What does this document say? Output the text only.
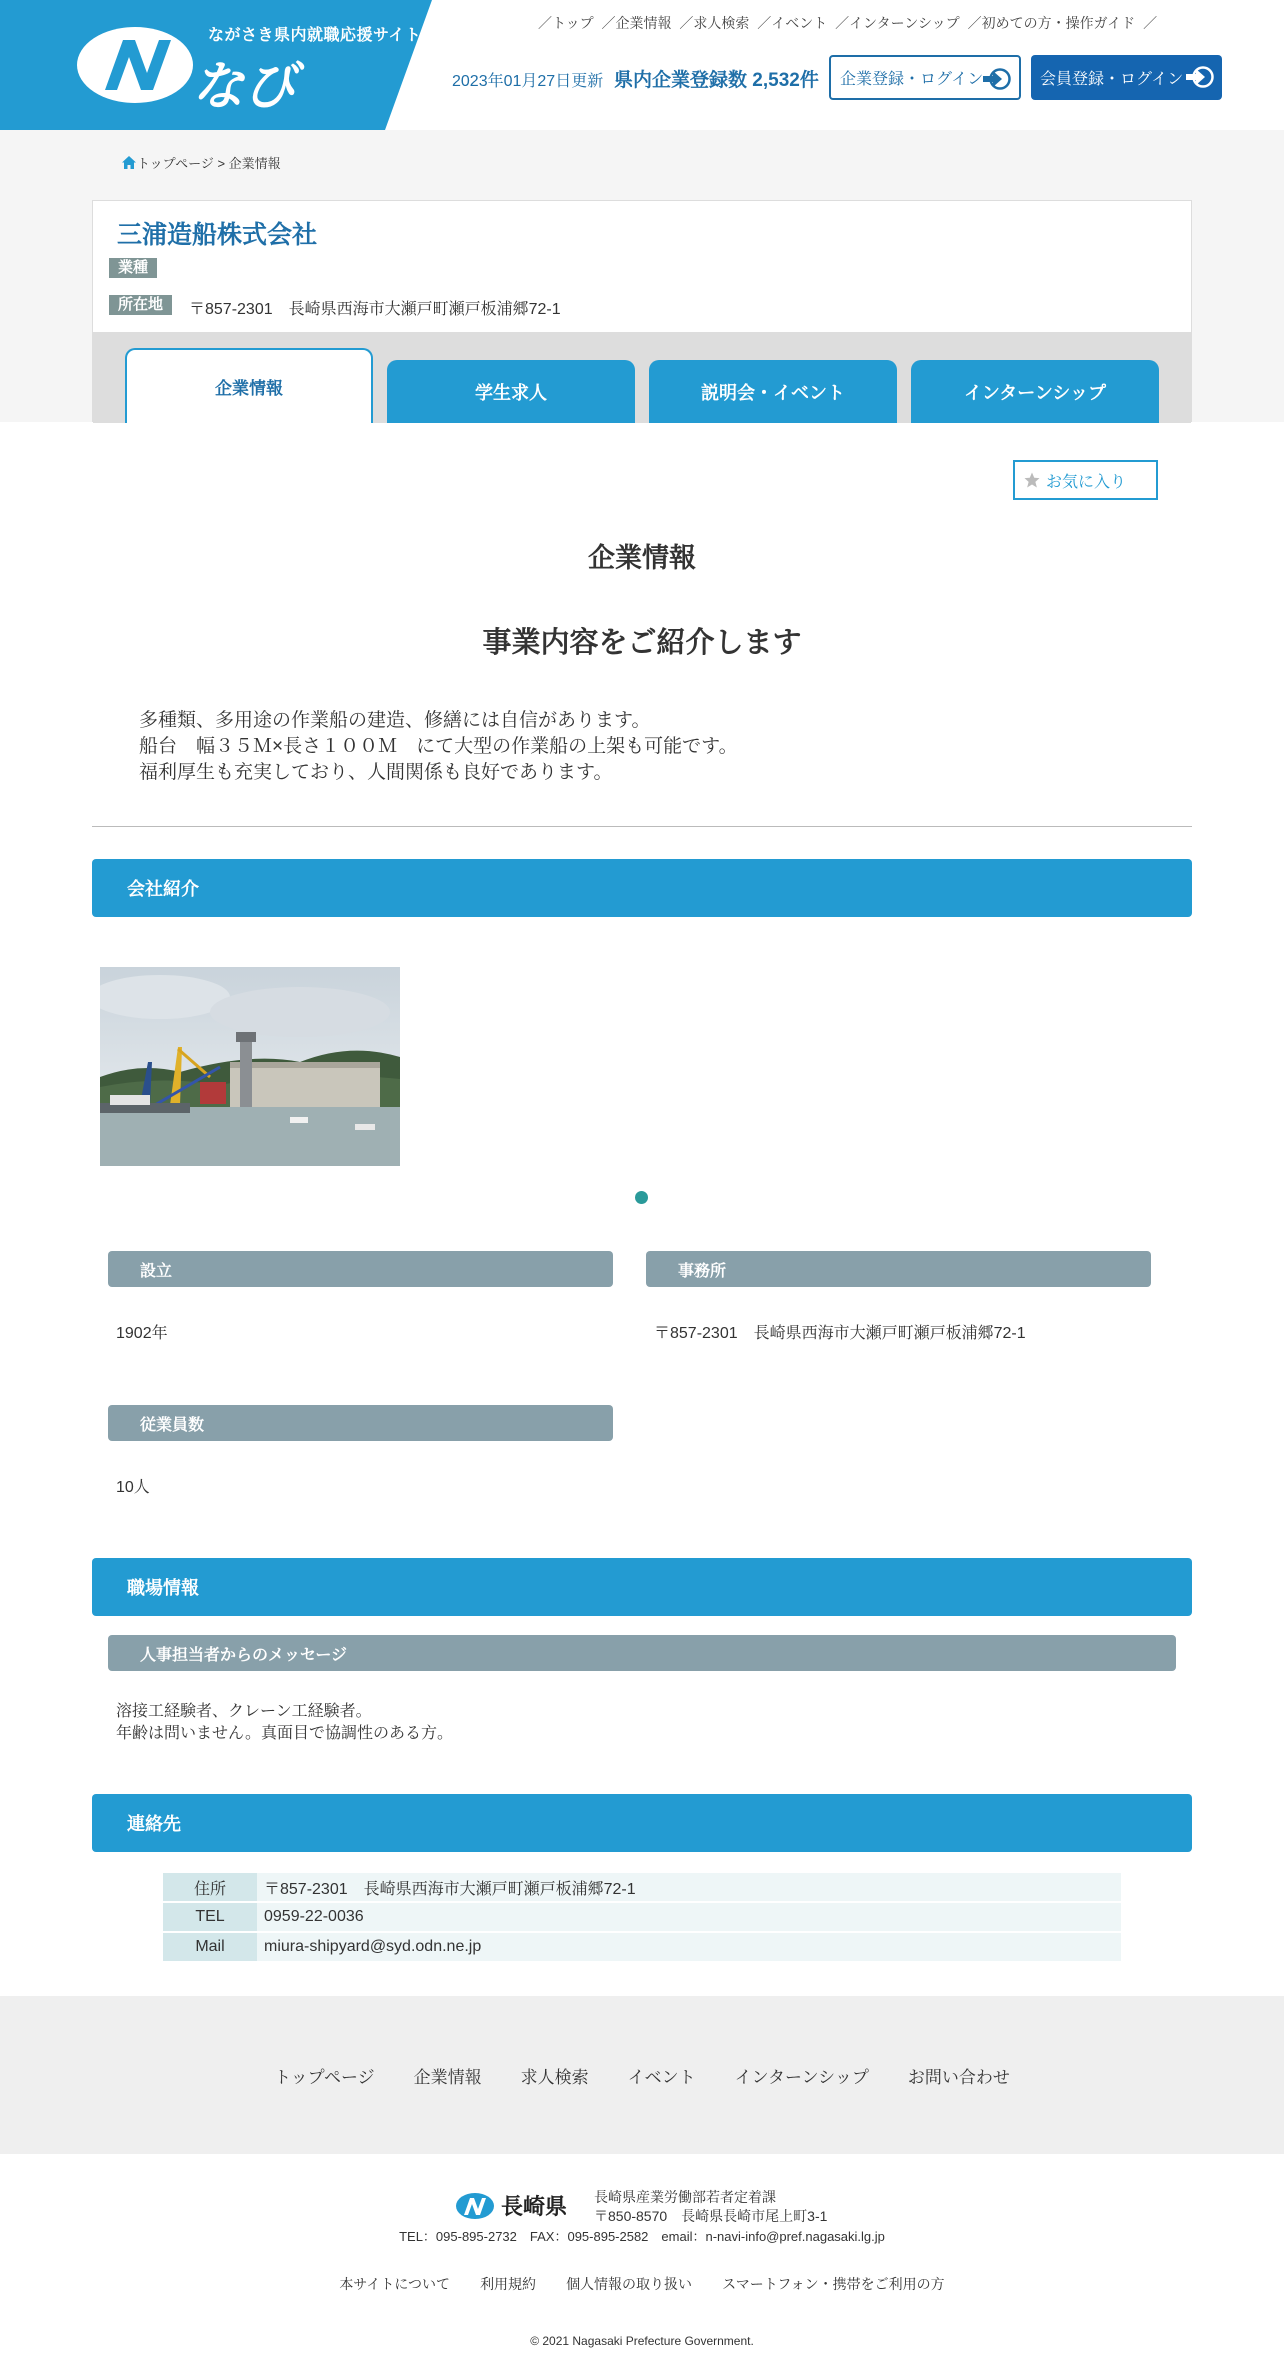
ながさき県内就職応援サイト
なび
／トップ ／企業情報 ／求人検索 ／イベント ／インターンシップ ／初めての方・操作ガイド ／
2023年01月27日更新 県内企業登録数 2,532件 企業登録・ログイン	会員登録・ログイン
トップページ > 企業情報
三浦造船株式会社
業種
所在地	〒857-2301　長崎県西海市大瀬戸町瀬戸板浦郷72-1
企業情報	学生求人	説明会・イベント	インターンシップ
お気に入り
企業情報
事業内容をご紹介します
多種類、多用途の作業船の建造、修繕には自信があります。
船台　幅３５Ｍ×長さ１００Ｍ　にて大型の作業船の上架も可能です。
福利厚生も充実しており、人間関係も良好であります。
会社紹介
設立
1902年
事務所
〒857-2301　長崎県西海市大瀬戸町瀬戸板浦郷72-1
従業員数
10人
職場情報
人事担当者からのメッセージ
溶接工経験者、クレーン工経験者。
年齢は問いません。真面目で協調性のある方。
連絡先
住所	〒857-2301　長崎県西海市大瀬戸町瀬戸板浦郷72-1
TEL	0959-22-0036
Mail	miura-shipyard@syd.odn.ne.jp
トップページ 企業情報 求人検索 イベント インターンシップ お問い合わせ
長崎県 長崎県産業労働部若者定着課
〒850-8570　長崎県長崎市尾上町3-1
TEL：095-895-2732　FAX：095-895-2582　email：n-navi-info@pref.nagasaki.lg.jp
本サイトについて 利用規約 個人情報の取り扱い スマートフォン・携帯をご利用の方
© 2021 Nagasaki Prefecture Government.
